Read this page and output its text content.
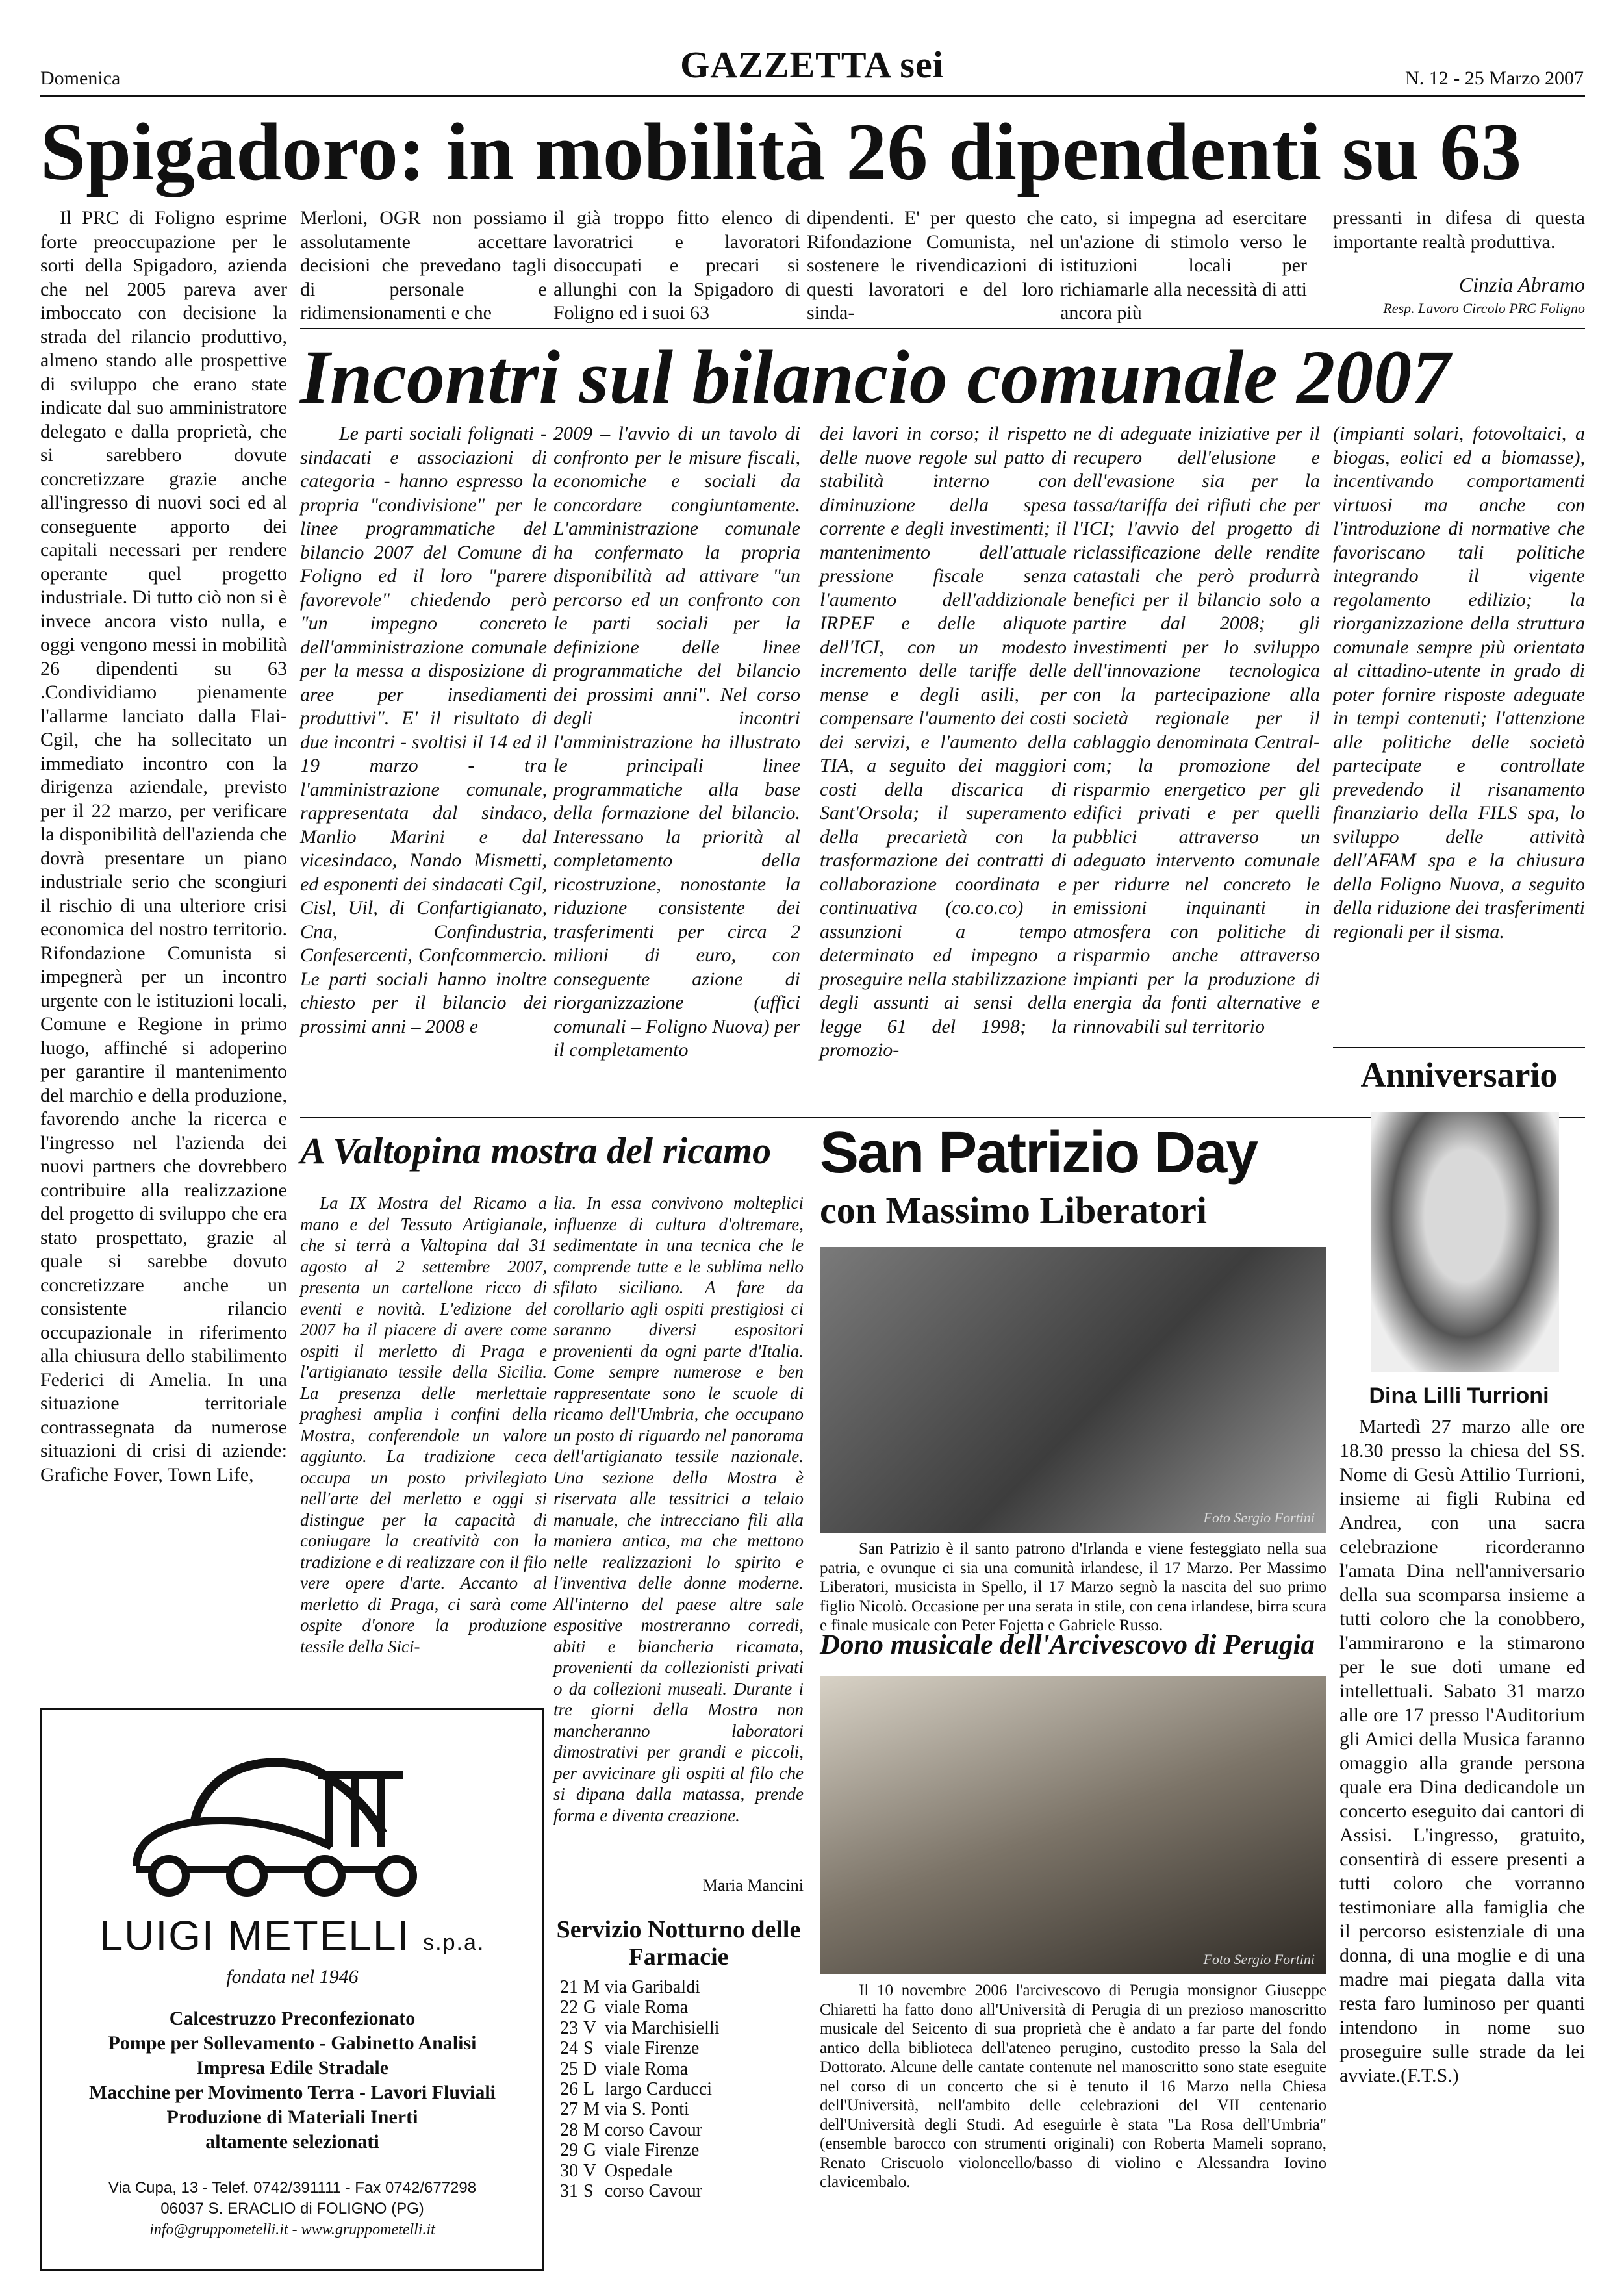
Domenica	GAZZETTA sei	N. 12 - 25 Marzo 2007
Spigadoro: in mobilità 26 dipendenti su 63
Il PRC di Foligno esprime forte preoccupazione per le sorti della Spigadoro, azienda che nel 2005 pareva aver imboccato con decisione la strada del rilancio produttivo, almeno stando alle prospettive di sviluppo che erano state indicate dal suo amministratore delegato e dalla proprietà, che si sarebbero dovute concretizzare grazie anche all'ingresso di nuovi soci ed al conseguente apporto dei capitali necessari per rendere operante quel progetto industriale. Di tutto ciò non si è invece ancora visto nulla, e oggi vengono messi in mobilità 26 dipendenti su 63 .Condividiamo pienamente l'allarme lanciato dalla Flai-Cgil, che ha sollecitato un immediato incontro con la dirigenza aziendale, previsto per il 22 marzo, per verificare la disponibilità dell'azienda che dovrà presentare un piano industriale serio che scongiuri il rischio di una ulteriore crisi economica del nostro territorio. Rifondazione Comunista si impegnerà per un incontro urgente con le istituzioni locali, Comune e Regione in primo luogo, affinché si adoperino per garantire il mantenimento del marchio e della produzione, favorendo anche la ricerca e l'ingresso nel l'azienda dei nuovi partners che dovrebbero contribuire alla realizzazione del progetto di sviluppo che era stato prospettato, grazie al quale si sarebbe dovuto concretizzare anche un consistente rilancio occupazionale in riferimento alla chiusura dello stabilimento Federici di Amelia. In una situazione territoriale contrassegnata da numerose situazioni di crisi di aziende: Grafiche Fover, Town Life,
Merloni, OGR non possiamo assolutamente accettare decisioni che prevedano tagli di personale e ridimensionamenti e che
il già troppo fitto elenco di lavoratrici e lavoratori disoccupati e precari si allunghi con la Spigadoro di Foligno ed i suoi 63
dipendenti. E' per questo che Rifondazione Comunista, nel sostenere le rivendicazioni di questi lavoratori e del loro sinda-
cato, si impegna ad esercitare un'azione di stimolo verso le istituzioni locali per richiamarle alla necessità di atti ancora più
pressanti in difesa di questa importante realtà produttiva.
Cinzia Abramo
Resp. Lavoro Circolo PRC Foligno
Incontri sul bilancio comunale 2007
Le parti sociali folignati - sindacati e associazioni di categoria - hanno espresso la propria "condivisione" per le linee programmatiche del bilancio 2007 del Comune di Foligno ed il loro "parere favorevole" chiedendo però "un impegno concreto dell'amministrazione comunale per la messa a disposizione di aree per insediamenti produttivi". E' il risultato di due incontri - svoltisi il 14 ed il 19 marzo - tra l'amministrazione comunale, rappresentata dal sindaco, Manlio Marini e dal vicesindaco, Nando Mismetti, ed esponenti dei sindacati Cgil, Cisl, Uil, di Confartigianato, Cna, Confindustria, Confesercenti, Confcommercio. Le parti sociali hanno inoltre chiesto per il bilancio dei prossimi anni – 2008 e
2009 – l'avvio di un tavolo di confronto per le misure fiscali, economiche e sociali da concordare congiuntamente. L'amministrazione comunale ha confermato la propria disponibilità ad attivare "un percorso ed un confronto con le parti sociali per la definizione delle linee programmatiche del bilancio dei prossimi anni". Nel corso degli incontri l'amministrazione ha illustrato le principali linee programmatiche alla base della formazione del bilancio. Interessano la priorità al completamento della ricostruzione, nonostante la riduzione consistente dei trasferimenti per circa 2 milioni di euro, con conseguente azione di riorganizzazione (uffici comunali – Foligno Nuova) per il completamento
dei lavori in corso; il rispetto delle nuove regole sul patto di stabilità interno con diminuzione della spesa corrente e degli investimenti; il mantenimento dell'attuale pressione fiscale senza l'aumento dell'addizionale IRPEF e delle aliquote dell'ICI, con un modesto incremento delle tariffe delle mense e degli asili, per compensare l'aumento dei costi dei servizi, e l'aumento della TIA, a seguito dei maggiori costi della discarica di Sant'Orsola; il superamento della precarietà con la trasformazione dei contratti di collaborazione coordinata e continuativa (co.co.co) in assunzioni a tempo determinato ed impegno a proseguire nella stabilizzazione degli assunti ai sensi della legge 61 del 1998; la promozio-
ne di adeguate iniziative per il recupero dell'elusione e dell'evasione sia per la tassa/tariffa dei rifiuti che per l'ICI; l'avvio del progetto di riclassificazione delle rendite catastali che però produrrà benefici per il bilancio solo a partire dal 2008; gli investimenti per lo sviluppo dell'innovazione tecnologica con la partecipazione alla società regionale per il cablaggio denominata Central-com; la promozione del risparmio energetico per gli edifici privati e per quelli pubblici attraverso un adeguato intervento comunale per ridurre nel concreto le emissioni inquinanti in atmosfera con politiche di risparmio anche attraverso impianti per la produzione di energia da fonti alternative e rinnovabili sul territorio
(impianti solari, fotovoltaici, a biogas, eolici ed a biomasse), incentivando comportamenti virtuosi ma anche con l'introduzione di normative che favoriscano tali politiche integrando il vigente regolamento edilizio; la riorganizzazione della struttura comunale sempre più orientata al cittadino-utente in grado di poter fornire risposte adeguate in tempi contenuti; l'attenzione alle politiche delle società partecipate e controllate prevedendo il risanamento finanziario della FILS spa, lo sviluppo delle attività dell'AFAM spa e la chiusura della Foligno Nuova, a seguito della riduzione dei trasferimenti regionali per il sisma.
A Valtopina mostra del ricamo
La IX Mostra del Ricamo a mano e del Tessuto Artigianale, che si terrà a Valtopina dal 31 agosto al 2 settembre 2007, presenta un cartellone ricco di eventi e novità. L'edizione del 2007 ha il piacere di avere come ospiti il merletto di Praga e l'artigianato tessile della Sicilia. La presenza delle merlettaie praghesi amplia i confini della Mostra, conferendole un valore aggiunto. La tradizione ceca occupa un posto privilegiato nell'arte del merletto e oggi si distingue per la capacità di coniugare la creatività con la tradizione e di realizzare con il filo vere opere d'arte. Accanto al merletto di Praga, ci sarà come ospite d'onore la produzione tessile della Sici-
lia. In essa convivono molteplici influenze di cultura d'oltremare, sedimentate in una tecnica che le comprende tutte e le sublima nello sfilato siciliano. A fare da corollario agli ospiti prestigiosi ci saranno diversi espositori provenienti da ogni parte d'Italia. Come sempre numerose e ben rappresentate sono le scuole di ricamo dell'Umbria, che occupano un posto di riguardo nel panorama dell'artigianato tessile nazionale. Una sezione della Mostra è riservata alle tessitrici a telaio manuale, che intrecciano fili alla maniera antica, ma che mettono nelle realizzazioni lo spirito e l'inventiva delle donne moderne. All'interno del paese altre sale espositive mostreranno corredi, abiti e biancheria ricamata, provenienti da collezionisti privati o da collezioni museali. Durante i tre giorni della Mostra non mancheranno laboratori dimostrativi per grandi e piccoli, per avvicinare gli ospiti al filo che si dipana dalla matassa, prende forma e diventa creazione.
Maria Mancini
Servizio Notturno delle Farmacie
21	M	via Garibaldi
22	G	viale Roma
23	V	via Marchisielli
24	S	viale Firenze
25	D	viale Roma
26	L	largo Carducci
27	M	via S. Ponti
28	M	corso Cavour
29	G	viale Firenze
30	V	Ospedale
31	S	corso Cavour
LUIGI METELLI s.p.a.
fondata nel 1946
Calcestruzzo Preconfezionato
Pompe per Sollevamento - Gabinetto Analisi
Impresa Edile Stradale
Macchine per Movimento Terra - Lavori Fluviali
Produzione di Materiali Inerti
altamente selezionati
Via Cupa, 13 - Telef. 0742/391111 - Fax 0742/677298
06037 S. ERACLIO di FOLIGNO (PG)
info@gruppometelli.it - www.gruppometelli.it
San Patrizio Day
con Massimo Liberatori
Foto Sergio Fortini
San Patrizio è il santo patrono d'Irlanda e viene festeggiato nella sua patria, e ovunque ci sia una comunità irlandese, il 17 Marzo. Per Massimo Liberatori, musicista in Spello, il 17 Marzo segnò la nascita del suo primo figlio Nicolò. Occasione per una serata in stile, con cena irlandese, birra scura e finale musicale con Peter Fojetta e Gabriele Russo.
Dono musicale dell'Arcivescovo di Perugia
Foto Sergio Fortini
Il 10 novembre 2006 l'arcivescovo di Perugia monsignor Giuseppe Chiaretti ha fatto dono all'Università di Perugia di un prezioso manoscritto musicale del Seicento di sua proprietà che è andato a far parte del fondo antico della biblioteca dell'ateneo perugino, custodito presso la Sala del Dottorato. Alcune delle cantate contenute nel manoscritto sono state eseguite nel corso di un concerto che si è tenuto il 16 Marzo nella Chiesa dell'Università, nell'ambito delle celebrazioni del VII centenario dell'Università degli Studi. Ad eseguirle è stata "La Rosa dell'Umbria" (ensemble barocco con strumenti originali) con Roberta Mameli soprano, Renato Criscuolo violoncello/basso di violino e Alessandra Iovino clavicembalo.
Anniversario
Dina Lilli Turrioni
Martedì 27 marzo alle ore 18.30 presso la chiesa del SS. Nome di Gesù Attilio Turrioni, insieme ai figli Rubina ed Andrea, con una sacra celebrazione ricorderanno l'amata Dina nell'anniversario della sua scomparsa insieme a tutti coloro che la conobbero, l'ammirarono e la stimarono per le sue doti umane ed intellettuali. Sabato 31 marzo alle ore 17 presso l'Auditorium gli Amici della Musica faranno omaggio alla grande persona quale era Dina dedicandole un concerto eseguito dai cantori di Assisi. L'ingresso, gratuito, consentirà di essere presenti a tutti coloro che vorranno testimoniare alla famiglia che il percorso esistenziale di una donna, di una moglie e di una madre mai piegata dalla vita resta faro luminoso per quanti intendono in nome suo proseguire sulle strade da lei avviate.(F.T.S.)
